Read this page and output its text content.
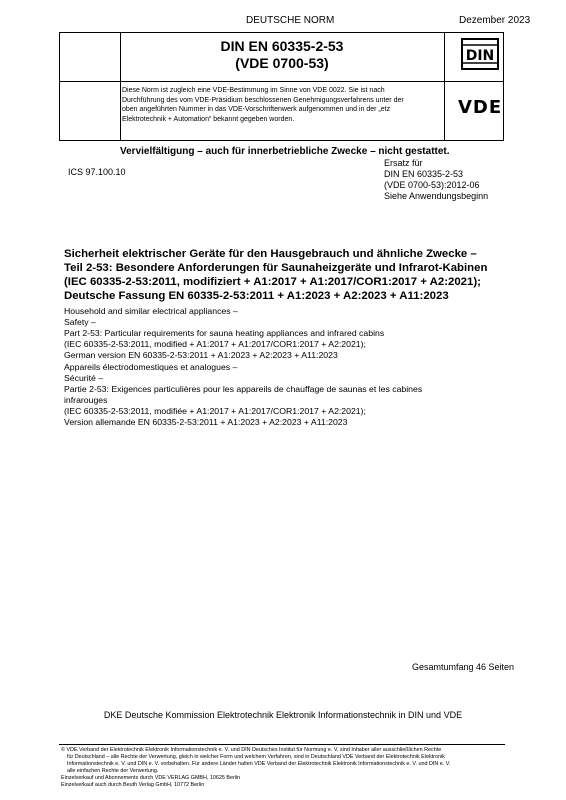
DEUTSCHE NORM	Dezember 2023
DIN EN 60335-2-53
(VDE 0700-53)	DIN
VDE
Diese Norm ist zugleich eine VDE-Bestimmung im Sinne von VDE 0022. Sie ist nach
Durchführung des vom VDE-Präsidium beschlossenen Genehmigungsverfahrens unter der
oben angeführten Nummer in das VDE-Vorschriftenwerk aufgenommen und in der „etz
Elektrotechnik + Automation“ bekannt gegeben worden.
Vervielfältigung – auch für innerbetriebliche Zwecke – nicht gestattet.
ICS 97.100.10
Ersatz für
DIN EN 60335-2-53
(VDE 0700-53):2012-06
Siehe Anwendungsbeginn
Sicherheit elektrischer Geräte für den Hausgebrauch und ähnliche Zwecke –
Teil 2-53: Besondere Anforderungen für Saunaheizgeräte und Infrarot-Kabinen
(IEC 60335-2-53:2011, modifiziert + A1:2017 + A1:2017/COR1:2017 + A2:2021);
Deutsche Fassung EN 60335-2-53:2011 + A1:2023 + A2:2023 + A11:2023
Household and similar electrical appliances –
Safety –
Part 2-53: Particular requirements for sauna heating appliances and infrared cabins
(IEC 60335-2-53:2011, modified + A1:2017 + A1:2017/COR1:2017 + A2:2021);
German version EN 60335-2-53:2011 + A1:2023 + A2:2023 + A11:2023
Appareils électrodomestiques et analogues –
Sécurité –
Partie 2-53: Exigences particulières pour les appareils de chauffage de saunas et les cabines
infrarouges
(IEC 60335-2-53:2011, modifiée + A1:2017 + A1:2017/COR1:2017 + A2:2021);
Version allemande EN 60335-2-53:2011 + A1:2023 + A2:2023 + A11:2023
Gesamtumfang 46 Seiten
DKE Deutsche Kommission Elektrotechnik Elektronik Informationstechnik in DIN und VDE
© VDE Verband der Elektrotechnik Elektronik Informationstechnik e. V. und DIN Deutsches Institut für Normung e. V. sind Inhaber aller ausschließlichen Rechte
für Deutschland – alle Rechte der Verwertung, gleich in welcher Form und welchem Verfahren, sind in Deutschland VDE Verband der Elektrotechnik Elektronik
Informationstechnik e. V. und DIN e. V. vorbehalten. Für andere Länder halten VDE Verband der Elektrotechnik Elektronik Informationstechnik e. V. und DIN e. V.
alle einfachen Rechte der Verwertung.
Einzelverkauf und Abonnements durch VDE VERLAG GMBH, 10625 Berlin
Einzelverkauf auch durch Beuth Verlag GmbH, 10772 Berlin
